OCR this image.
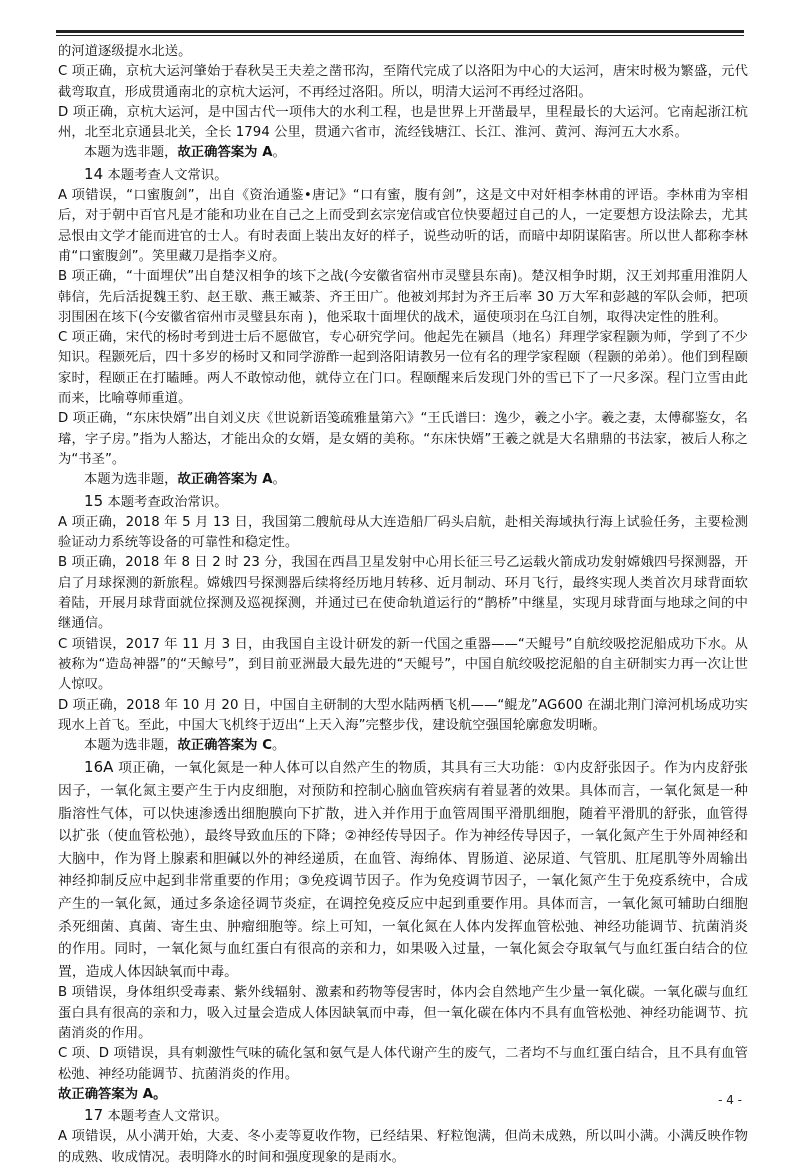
的河道逐级提水北送。

C 项正确，京杭大运河肇始于春秋吴王夫差之凿邗沟，至隋代完成了以洛阳为中心的大运河，唐宋时极为繁盛，元代截弯取直，形成贯通南北的京杭大运河，不再经过洛阳。所以，明清大运河不再经过洛阳。

D 项正确，京杭大运河，是中国古代一项伟大的水利工程，也是世界上开凿最早，里程最长的大运河。它南起浙江杭州，北至北京通县北关，全长 1794 公里，贯通六省市，流经钱塘江、长江、淮河、黄河、海河五大水系。

本题为选非题，故正确答案为 A。

14 本题考查人文常识。

A 项错误，“口蜜腹剑”，出自《资治通鉴•唐记》“口有蜜，腹有剑”，这是文中对奸相李林甫的评语。李林甫为宰相后，对于朝中百官凡是才能和功业在自己之上而受到玄宗宠信或官位快要超过自己的人，一定要想方设法除去，尤其忌恨由文学才能而进官的士人。有时表面上装出友好的样子，说些动听的话，而暗中却阴谋陷害。所以世人都称李林甫“口蜜腹剑”。笑里藏刀是指李义府。

B 项正确，“十面埋伏”出自楚汉相争的垓下之战(今安徽省宿州市灵璧县东南)。楚汉相争时期，汉王刘邦重用淮阴人韩信，先后活捉魏王豹、赵王歇、燕王臧荼、齐王田广。他被刘邦封为齐王后率 30 万大军和彭越的军队会师，把项羽围困在垓下(今安徽省宿州市灵璧县东南 )，他采取十面埋伏的战术，逼使项羽在乌江自刎，取得决定性的胜利。

C 项正确，宋代的杨时考到进士后不愿做官，专心研究学问。他起先在颍昌（地名）拜理学家程颢为师，学到了不少知识。程颢死后，四十多岁的杨时又和同学游酢一起到洛阳请教另一位有名的理学家程颐（程颢的弟弟）。他们到程颐家时，程颐正在打瞌睡。两人不敢惊动他，就侍立在门口。程颐醒来后发现门外的雪已下了一尺多深。程门立雪由此而来，比喻尊师重道。

D 项正确，“东床快婿”出自刘义庆《世说新语笺疏雅量第六》“王氏谱曰：逸少，羲之小字。羲之妻，太傅郗鉴女，名璿，字子房。”指为人豁达，才能出众的女婿，是女婿的美称。“东床快婿”王羲之就是大名鼎鼎的书法家，被后人称之为“书圣”。

本题为选非题，故正确答案为 A。

15 本题考查政治常识。

A 项正确，2018 年 5 月 13 日，我国第二艘航母从大连造船厂码头启航，赴相关海域执行海上试验任务，主要检测验证动力系统等设备的可靠性和稳定性。

B 项正确，2018 年 8 日 2 时 23 分，我国在西昌卫星发射中心用长征三号乙运载火箭成功发射嫦娥四号探测器，开启了月球探测的新旅程。嫦娥四号探测器后续将经历地月转移、近月制动、环月飞行，最终实现人类首次月球背面软着陆，开展月球背面就位探测及巡视探测，并通过已在使命轨道运行的“鹊桥”中继星，实现月球背面与地球之间的中继通信。

C 项错误，2017 年 11 月 3 日，由我国自主设计研发的新一代国之重器——“天鲲号”自航绞吸挖泥船成功下水。从被称为“造岛神器”的“天鲸号”，到目前亚洲最大最先进的“天鲲号”，中国自航绞吸挖泥船的自主研制实力再一次让世人惊叹。

D 项正确，2018 年 10 月 20 日，中国自主研制的大型水陆两栖飞机——“鲲龙”AG600 在湖北荆门漳河机场成功实现水上首飞。至此，中国大飞机终于迈出“上天入海”完整步伐，建设航空强国轮廓愈发明晰。

本题为选非题，故正确答案为 C。

16A 项正确，一氧化氮是一种人体可以自然产生的物质，其具有三大功能：①内皮舒张因子。作为内皮舒张因子，一氧化氮主要产生于内皮细胞，对预防和控制心脑血管疾病有着显著的效果。具体而言，一氧化氮是一种脂溶性气体，可以快速渗透出细胞膜向下扩散，进入并作用于血管周围平滑肌细胞，随着平滑肌的舒张，血管得以扩张（使血管松弛），最终导致血压的下降；②神经传导因子。作为神经传导因子，一氧化氮产生于外周神经和大脑中，作为肾上腺素和胆碱以外的神经递质，在血管、海绵体、胃肠道、泌尿道、气管肌、肛尾肌等外周输出神经抑制反应中起到非常重要的作用；③免疫调节因子。作为免疫调节因子，一氧化氮产生于免疫系统中，合成产生的一氧化氮，通过多条途径调节炎症，在调控免疫反应中起到重要作用。具体而言，一氧化氮可辅助白细胞杀死细菌、真菌、寄生虫、肿瘤细胞等。综上可知，一氧化氮在人体内发挥血管松弛、神经功能调节、抗菌消炎的作用。同时，一氧化氮与血红蛋白有很高的亲和力，如果吸入过量，一氧化氮会夺取氧气与血红蛋白结合的位置，造成人体因缺氧而中毒。

B 项错误，身体组织受毒素、紫外线辐射、激素和药物等侵害时，体内会自然地产生少量一氧化碳。一氧化碳与血红蛋白具有很高的亲和力，吸入过量会造成人体因缺氧而中毒，但一氧化碳在体内不具有血管松弛、神经功能调节、抗菌消炎的作用。

C 项、D 项错误，具有刺激性气味的硫化氢和氨气是人体代谢产生的废气，二者均不与血红蛋白结合，且不具有血管松弛、神经功能调节、抗菌消炎的作用。

故正确答案为 A。

17 本题考查人文常识。

A 项错误，从小满开始，大麦、冬小麦等夏收作物，已经结果、籽粒饱满，但尚未成熟，所以叫小满。小满反映作物的成熟、收成情况。表明降水的时间和强度现象的是雨水。

- 4 -
